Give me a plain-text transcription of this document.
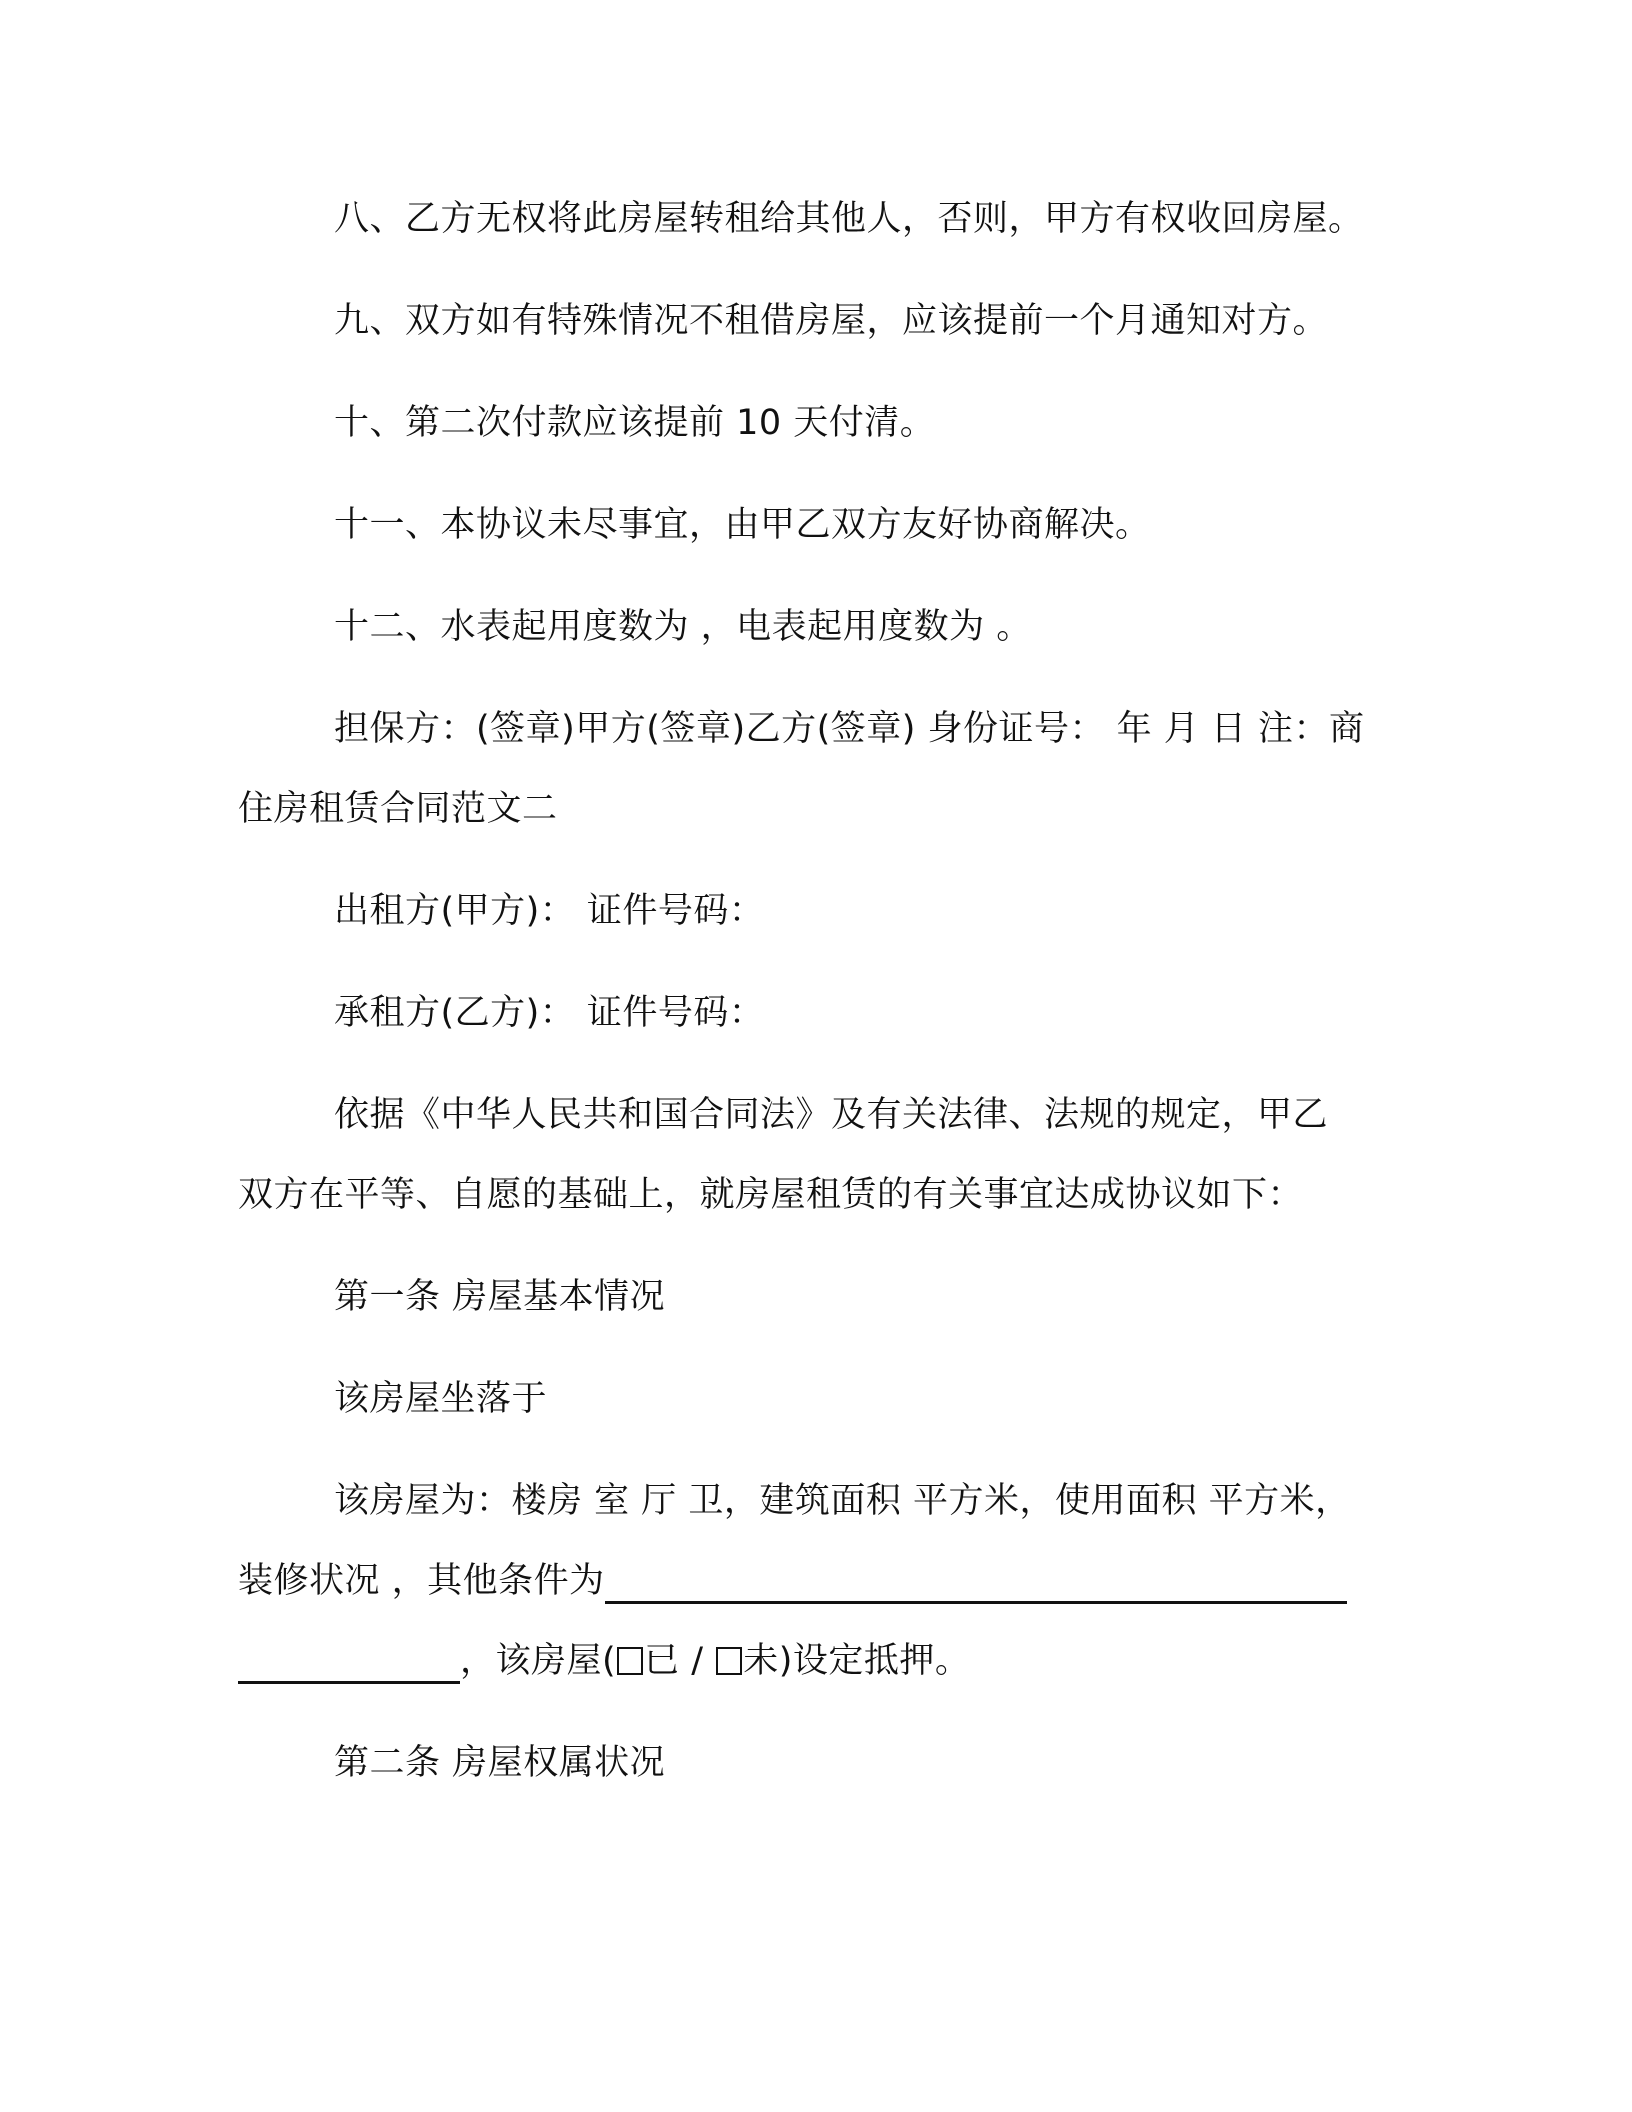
八、乙方无权将此房屋转租给其他人，否则，甲方有权收回房屋。
九、双方如有特殊情况不租借房屋，应该提前一个月通知对方。
十、第二次付款应该提前 10 天付清。
十一、本协议未尽事宜，由甲乙双方友好协商解决。
十二、水表起用度数为 ，电表起用度数为 。
担保方：(签章)甲方(签章)乙方(签章) 身份证号： 年 月 日 注：商
住房租赁合同范文二
出租方(甲方)： 证件号码：
承租方(乙方)： 证件号码：
依据《中华人民共和国合同法》及有关法律、法规的规定，甲乙
双方在平等、自愿的基础上，就房屋租赁的有关事宜达成协议如下：
第一条 房屋基本情况
该房屋坐落于
该房屋为：楼房 室 厅 卫，建筑面积 平方米，使用面积 平方米，
装修状况 ，其他条件为
，该房屋( 已 / 未)设定抵押。
第二条 房屋权属状况
